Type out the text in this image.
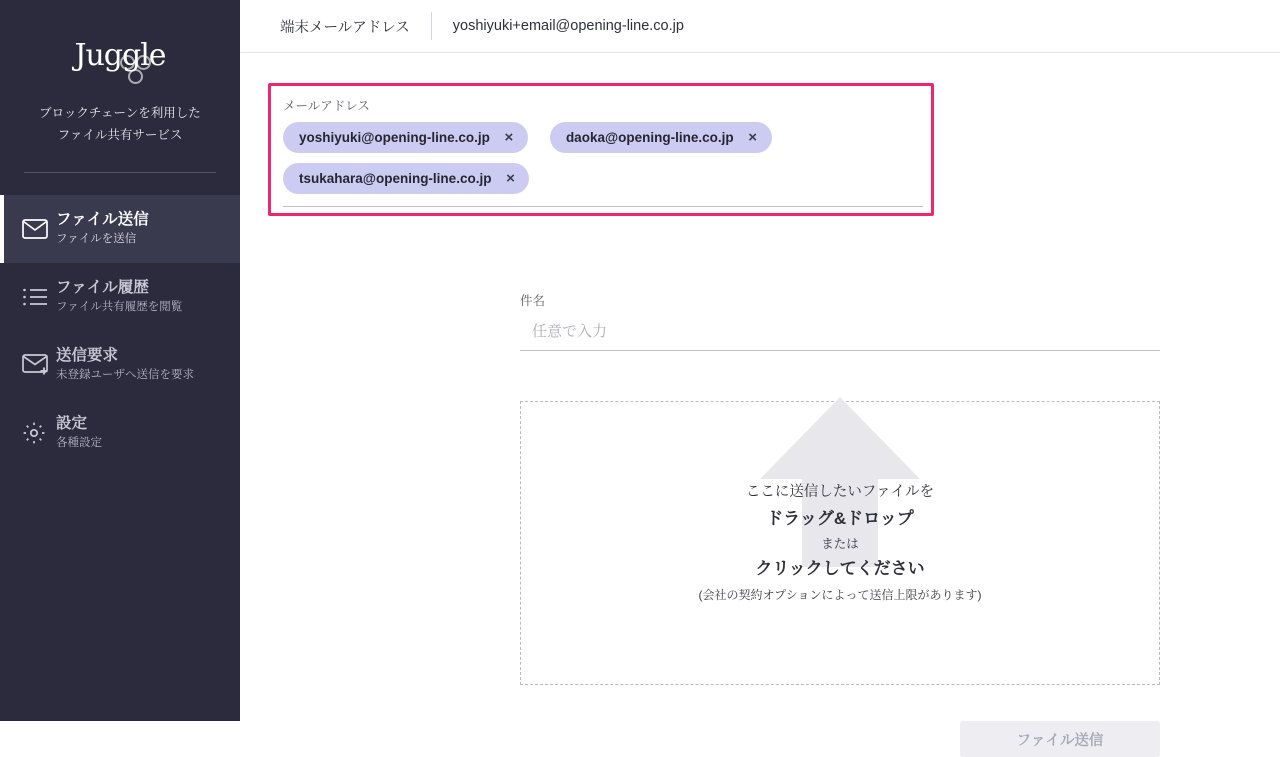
Juggle
ブロックチェーンを利用した
ファイル共有サービス
ファイル送信
ファイルを送信
ファイル履歴
ファイル共有履歴を閲覧
送信要求
未登録ユーザへ送信を要求
設定
各種設定
端末メールアドレス	yoshiyuki+email@opening-line.co.jp
メールアドレス
yoshiyuki@opening-line.co.jp ×	daoka@opening-line.co.jp ×
tsukahara@opening-line.co.jp ×
件名
任意で入力
ここに送信したいファイルを
ドラッグ&ドロップ
または
クリックしてください
(会社の契約オプションによって送信上限があります)
ファイル送信
